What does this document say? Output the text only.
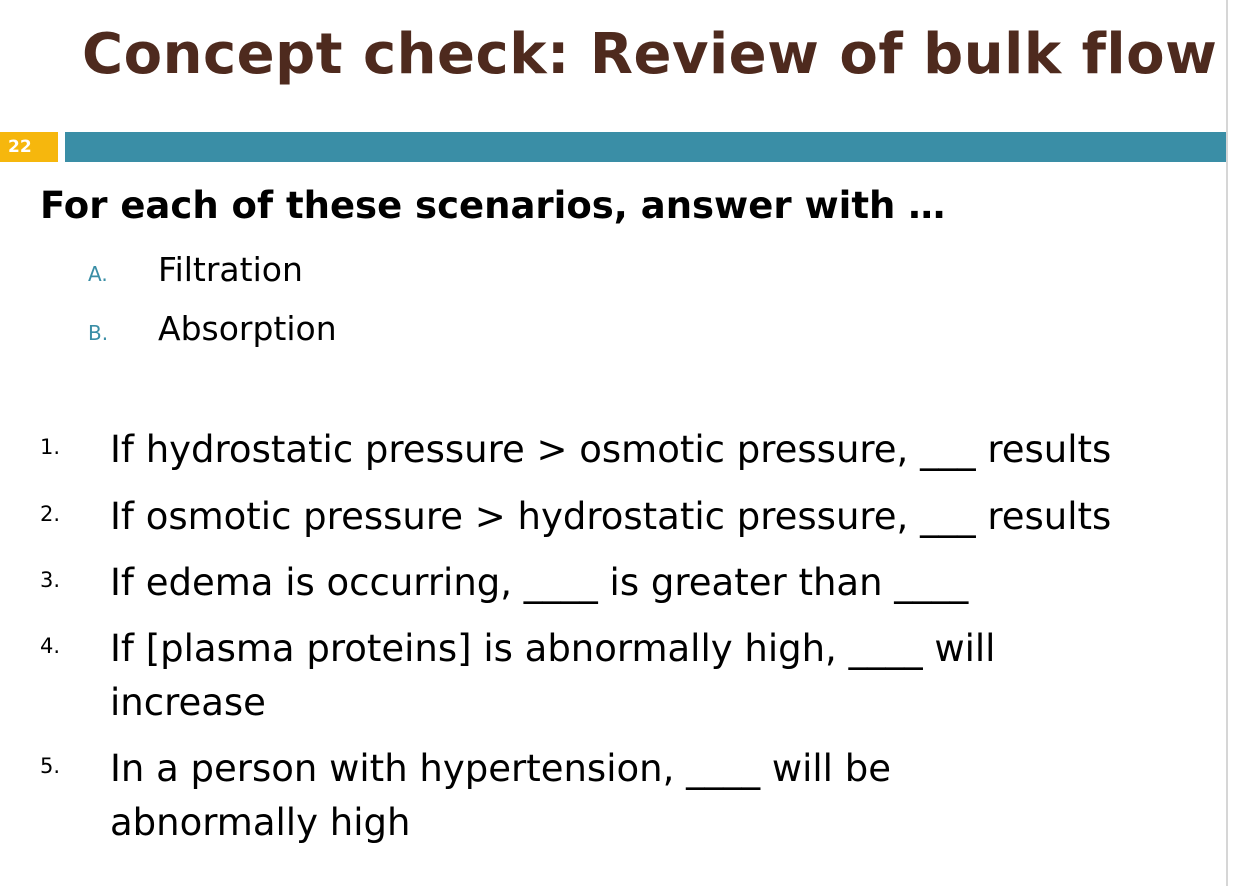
Concept check: Review of bulk flow
22

For each of these scenarios, answer with …

A. Filtration
B. Absorption
1. If hydrostatic pressure > osmotic pressure, ___ results
2. If osmotic pressure > hydrostatic pressure, ___ results
3. If edema is occurring, ____ is greater than ____
4. If [plasma proteins] is abnormally high, ____ will
increase
5. In a person with hypertension, ____ will be
abnormally high
